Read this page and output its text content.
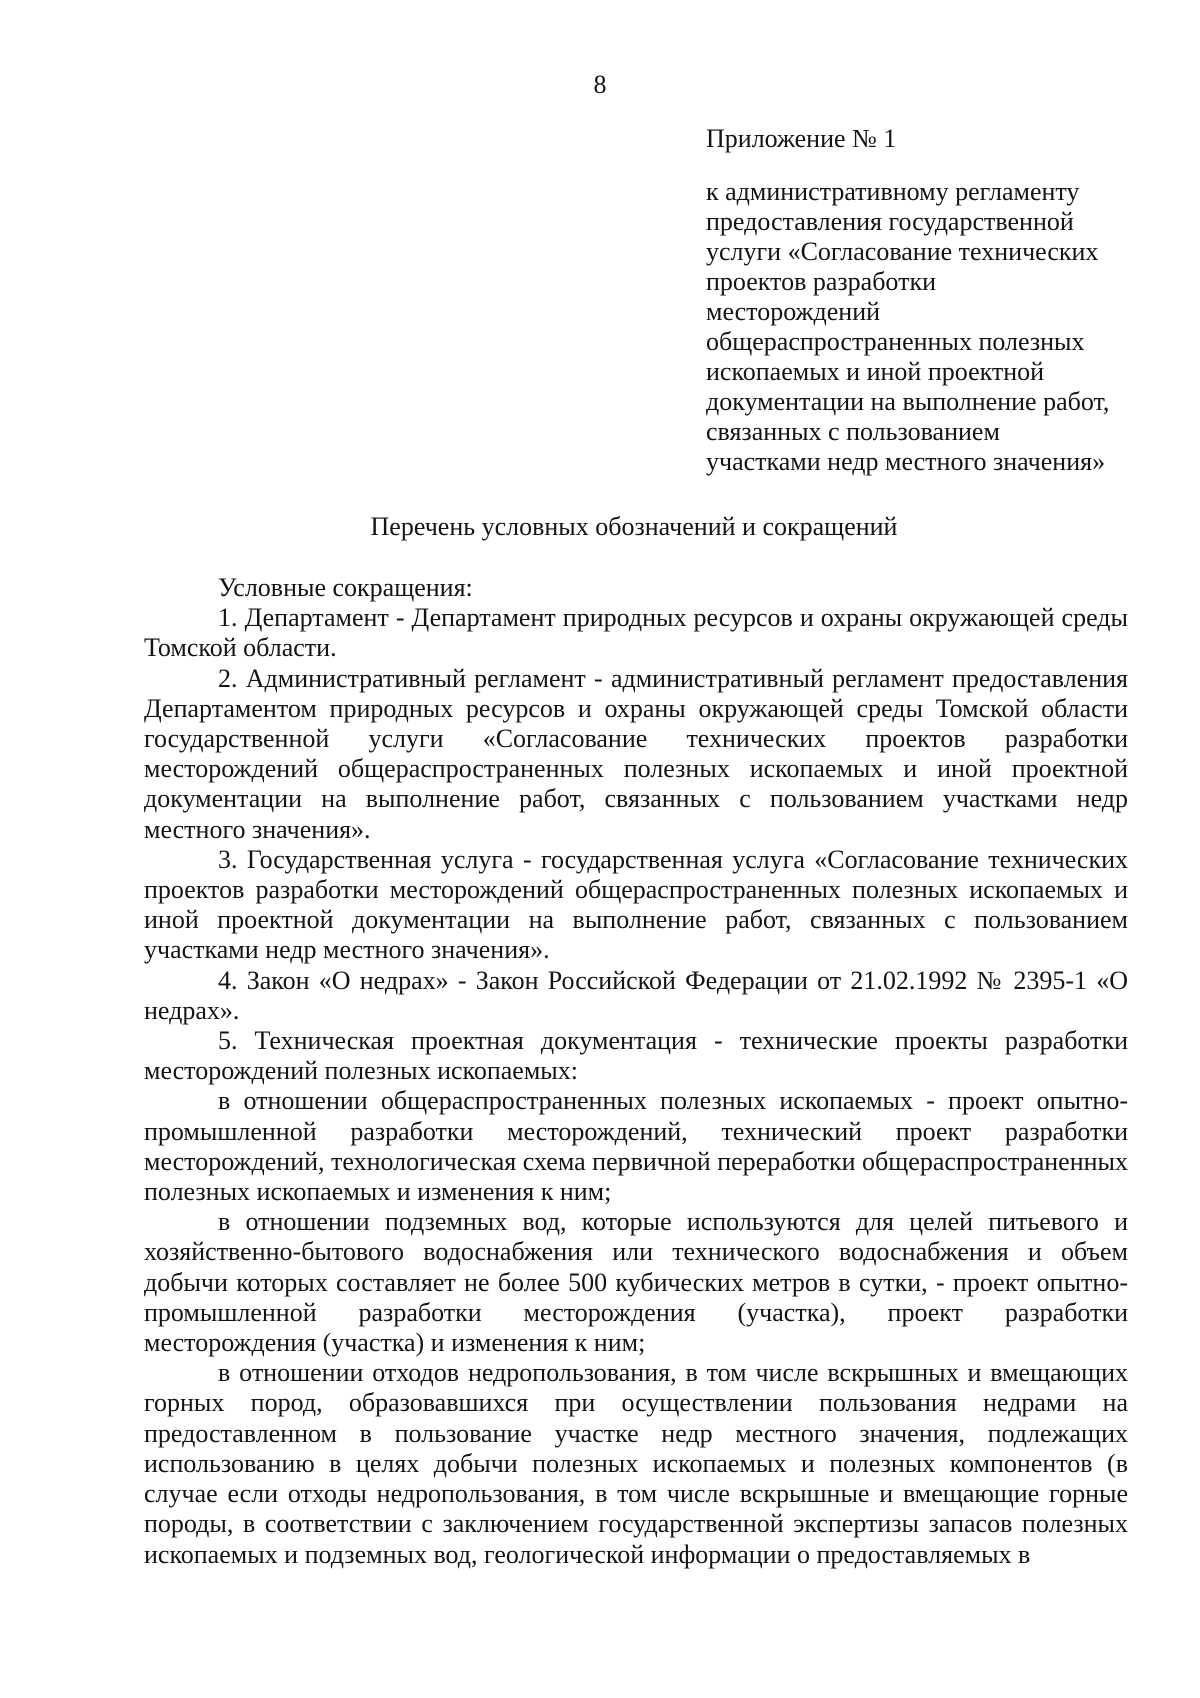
8

Приложение № 1

к административному регламенту
предоставления государственной
услуги «Согласование технических
проектов разработки
месторождений
общераспространенных полезных
ископаемых и иной проектной
документации на выполнение работ,
связанных с пользованием
участками недр местного значения»

Перечень условных обозначений и сокращений

Условные сокращения:

1. Департамент - Департамент природных ресурсов и охраны окружающей среды Томской области.

2. Административный регламент - административный регламент предоставления Департаментом природных ресурсов и охраны окружающей среды Томской области государственной услуги «Согласование технических проектов разработки месторождений общераспространенных полезных ископаемых и иной проектной документации на выполнение работ, связанных с пользованием участками недр местного значения».

3. Государственная услуга - государственная услуга «Согласование технических проектов разработки месторождений общераспространенных полезных ископаемых и иной проектной документации на выполнение работ, связанных с пользованием участками недр местного значения».

4. Закон «О недрах» - Закон Российской Федерации от 21.02.1992 № 2395-1 «О недрах».

5. Техническая проектная документация - технические проекты разработки месторождений полезных ископаемых:

в отношении общераспространенных полезных ископаемых - проект опытно-промышленной разработки месторождений, технический проект разработки месторождений, технологическая схема первичной переработки общераспространенных полезных ископаемых и изменения к ним;

в отношении подземных вод, которые используются для целей питьевого и хозяйственно-бытового водоснабжения или технического водоснабжения и объем добычи которых составляет не более 500 кубических метров в сутки, - проект опытно-промышленной разработки месторождения (участка), проект разработки месторождения (участка) и изменения к ним;

в отношении отходов недропользования, в том числе вскрышных и вмещающих горных пород, образовавшихся при осуществлении пользования недрами на предоставленном в пользование участке недр местного значения, подлежащих использованию в целях добычи полезных ископаемых и полезных компонентов (в случае если отходы недропользования, в том числе вскрышные и вмещающие горные породы, в соответствии с заключением государственной экспертизы запасов полезных ископаемых и подземных вод, геологической информации о предоставляемых в
